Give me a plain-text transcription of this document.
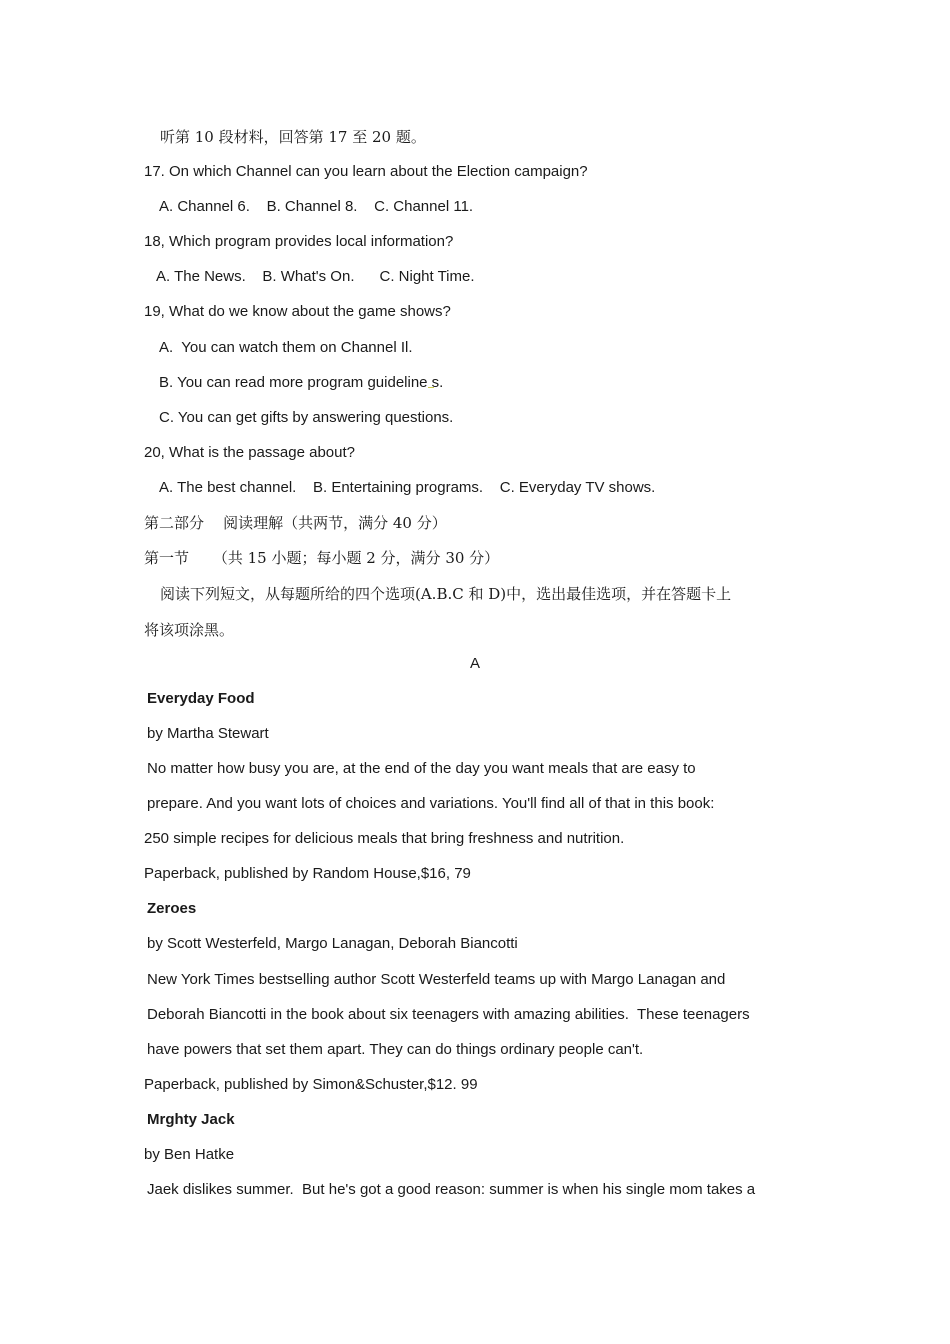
听第 10 段材料，回答第 17 至 20 题。
17. On which Channel can you learn about the Election campaign?
A. Channel 6.    B. Channel 8.    C. Channel 11.
18, Which program provides local information?
A. The News.    B. What's On.      C. Night Time.
19, What do we know about the game shows?
A.  You can watch them on Channel Il.
B. You can read more program guideline s.
C. You can get gifts by answering questions.
20, What is the passage about?
A. The best channel.    B. Entertaining programs.    C. Everyday TV shows.
第二部分    阅读理解（共两节，满分 40 分）
第一节     （共 15 小题；每小题 2 分，满分 30 分）
阅读下列短文，从每题所给的四个选项(A.B.C 和 D)中，选出最佳选项，并在答题卡上
将该项涂黑。
A
Everyday Food
by Martha Stewart
No matter how busy you are, at the end of the day you want meals that are easy to
prepare. And you want lots of choices and variations. You'll find all of that in this book:
250 simple recipes for delicious meals that bring freshness and nutrition.
Paperback, published by Random House,$16, 79
Zeroes
by Scott Westerfeld, Margo Lanagan, Deborah Biancotti
New York Times bestselling author Scott Westerfeld teams up with Margo Lanagan and
Deborah Biancotti in the book about six teenagers with amazing abilities.  These teenagers
have powers that set them apart. They can do things ordinary people can't.
Paperback, published by Simon&Schuster,$12. 99
Mrghty Jack
by Ben Hatke
Jaek dislikes summer.  But he's got a good reason: summer is when his single mom takes a
